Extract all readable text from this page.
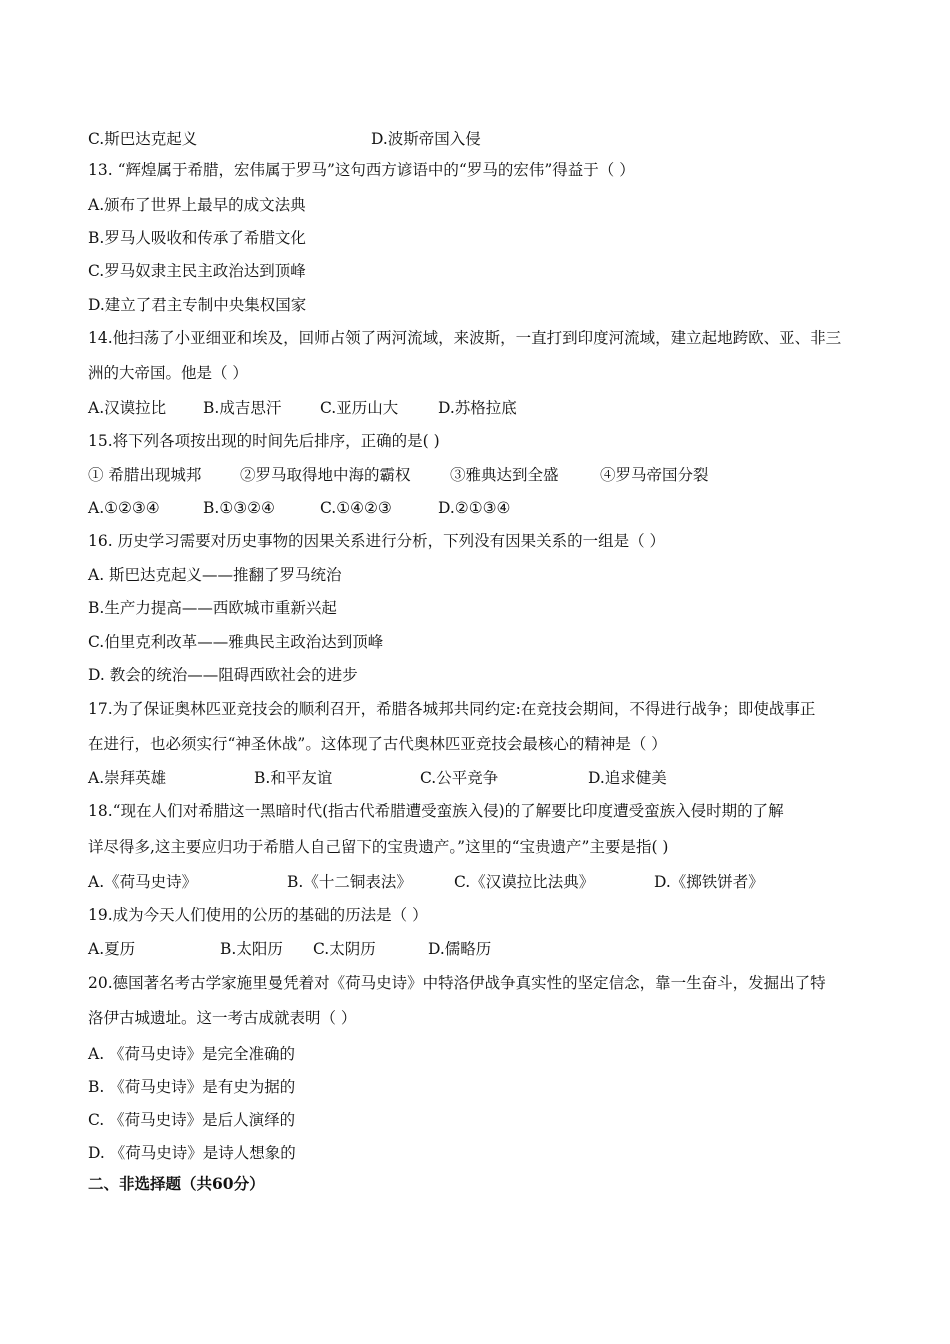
C.斯巴达克起义	D.波斯帝国入侵
13. “辉煌属于希腊，宏伟属于罗马”这句西方谚语中的“罗马的宏伟”得益于（ ）
A.颁布了世界上最早的成文法典
B.罗马人吸收和传承了希腊文化
C.罗马奴隶主民主政治达到顶峰
D.建立了君主专制中央集权国家
14.他扫荡了小亚细亚和埃及，回师占领了两河流域，来波斯，一直打到印度河流域，建立起地跨欧、亚、非三
洲的大帝国。他是（ ）
A.汉谟拉比 B.成吉思汗 C.亚历山大	D.苏格拉底
15.将下列各项按出现的时间先后排序，正确的是( )
① 希腊出现城邦 ②罗马取得地中海的霸权	③雅典达到全盛	④罗马帝国分裂
A.①②③④	B.①③②④	C.①④②③	D.②①③④
16. 历史学习需要对历史事物的因果关系进行分析，下列没有因果关系的一组是（ ）
A. 斯巴达克起义——推翻了罗马统治
B.生产力提高——西欧城市重新兴起
C.伯里克利改革——雅典民主政治达到顶峰
D. 教会的统治——阻碍西欧社会的进步
17.为了保证奥林匹亚竞技会的顺利召开，希腊各城邦共同约定:在竞技会期间，不得进行战争；即使战事正
在进行，也必须实行“神圣休战”。这体现了古代奥林匹亚竞技会最核心的精神是（ ）
A.崇拜英雄	B.和平友谊	C.公平竞争	D.追求健美
18.“现在人们对希腊这一黑暗时代(指古代希腊遭受蛮族入侵)的了解要比印度遭受蛮族入侵时期的了解
详尽得多,这主要应归功于希腊人自己留下的宝贵遗产。”这里的“宝贵遗产”主要是指( )
A.《荷马史诗》	B.《十二铜表法》	C.《汉谟拉比法典》	D.《掷铁饼者》
19.成为今天人们使用的公历的基础的历法是（ ）
A.夏历	B.太阳历 C.太阴历	D.儒略历
20.德国著名考古学家施里曼凭着对《荷马史诗》中特洛伊战争真实性的坚定信念，靠一生奋斗，发掘出了特
洛伊古城遗址。这一考古成就表明（ ）
A. 《荷马史诗》是完全准确的
B. 《荷马史诗》是有史为据的
C. 《荷马史诗》是后人演绎的
D. 《荷马史诗》是诗人想象的
二、非选择题（共60分）
